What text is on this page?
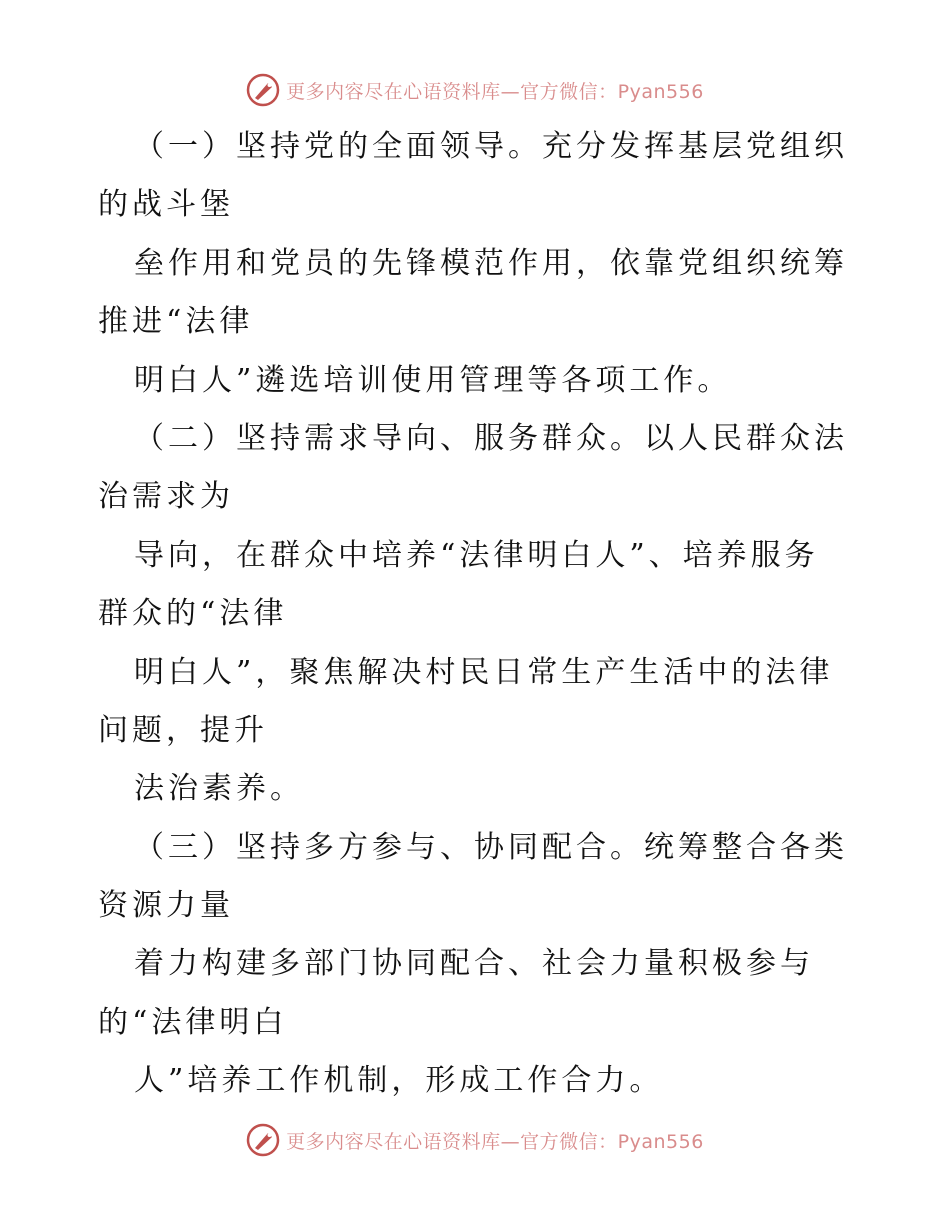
更多内容尽在心语资料库—官方微信：Pyan556
（一）坚持党的全面领导。充分发挥基层党组织
的战斗堡
垒作用和党员的先锋模范作用，依靠党组织统筹
推进“法律
明白人”遴选培训使用管理等各项工作。
（二）坚持需求导向、服务群众。以人民群众法
治需求为
导向，在群众中培养“法律明白人”、培养服务
群众的“法律
明白人”，聚焦解决村民日常生产生活中的法律
问题，提升
法治素养。
（三）坚持多方参与、协同配合。统筹整合各类
资源力量
着力构建多部门协同配合、社会力量积极参与
的“法律明白
人”培养工作机制，形成工作合力。
更多内容尽在心语资料库—官方微信：Pyan556
